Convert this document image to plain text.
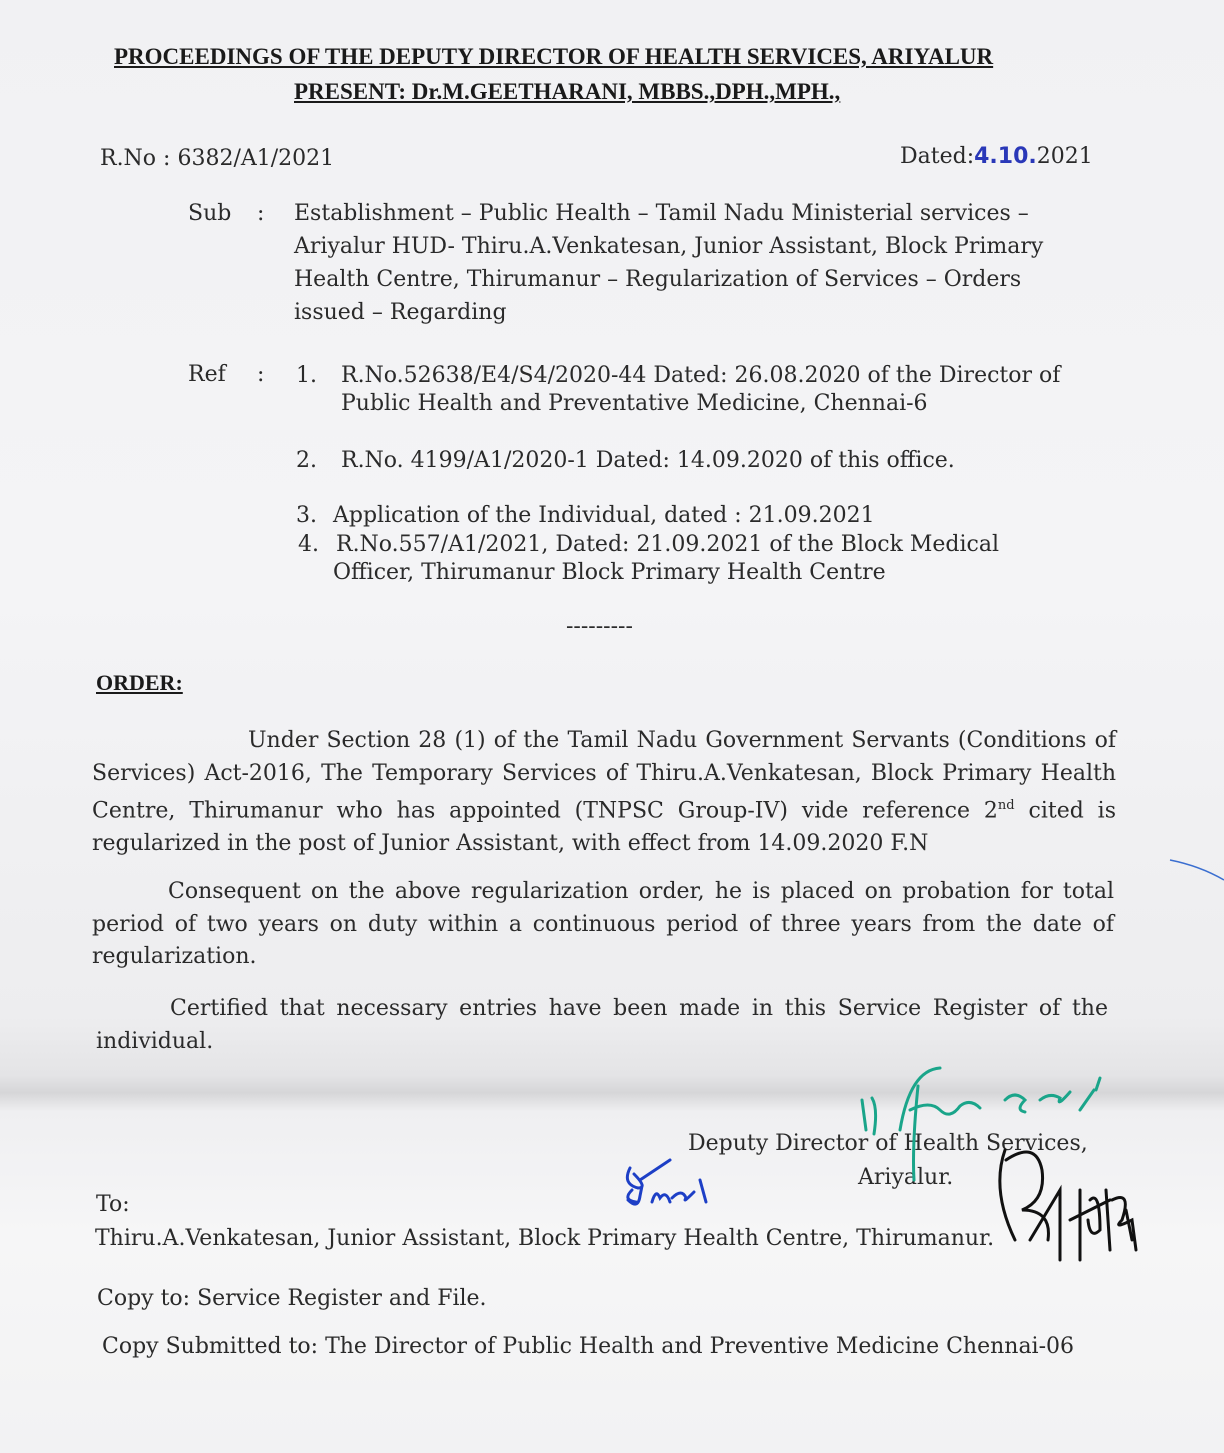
PROCEEDINGS OF THE DEPUTY DIRECTOR OF HEALTH SERVICES, ARIYALUR
PRESENT: Dr.M.GEETHARANI, MBBS.,DPH.,MPH.,
R.No : 6382/A1/2021	Dated:4.10.2021
Sub : Establishment – Public Health – Tamil Nadu Ministerial services –
Ariyalur HUD- Thiru.A.Venkatesan, Junior Assistant, Block Primary
Health Centre, Thirumanur – Regularization of Services – Orders
issued – Regarding
Ref : 1. R.No.52638/E4/S4/2020-44 Dated: 26.08.2020 of the Director of
Public Health and Preventative Medicine, Chennai-6
2. R.No. 4199/A1/2020-1 Dated: 14.09.2020 of this office.
3. Application of the Individual, dated : 21.09.2021
4. R.No.557/A1/2021, Dated: 21.09.2021 of the Block Medical
Officer, Thirumanur Block Primary Health Centre
---------
ORDER:
Under Section 28 (1) of the Tamil Nadu Government Servants (Conditions of Services) Act-2016, The Temporary Services of Thiru.A.Venkatesan, Block Primary Health Centre, Thirumanur who has appointed (TNPSC Group-IV) vide reference 2nd cited is regularized in the post of Junior Assistant, with effect from 14.09.2020 F.N
Consequent on the above regularization order, he is placed on probation for total period of two years on duty within a continuous period of three years from the date of regularization.
Certified that necessary entries have been made in this Service Register of the individual.
Deputy Director of Health Services,
Ariyalur.
To:
Thiru.A.Venkatesan, Junior Assistant, Block Primary Health Centre, Thirumanur.
Copy to: Service Register and File.
Copy Submitted to: The Director of Public Health and Preventive Medicine Chennai-06
